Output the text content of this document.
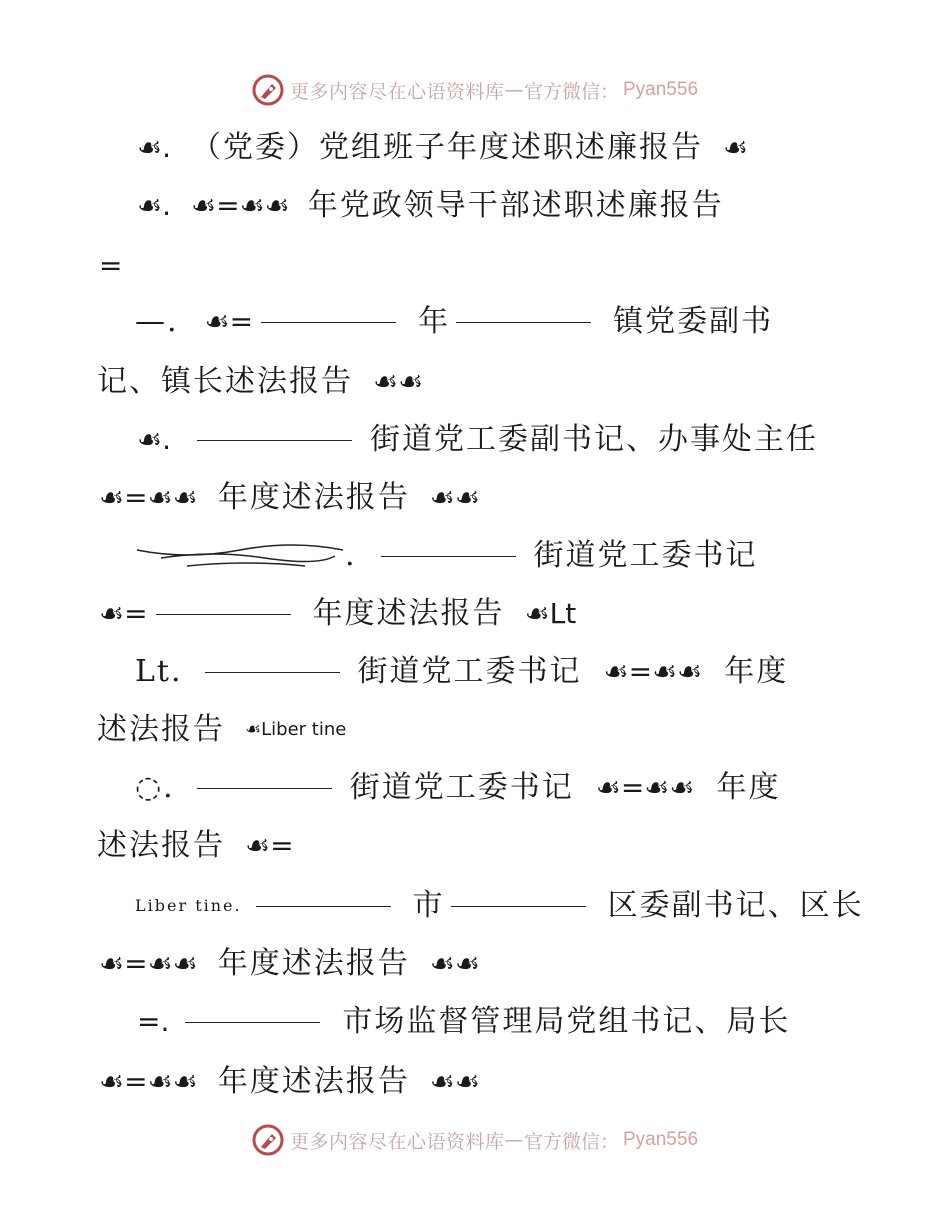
更多内容尽在心语资料库 — 官方微信： Pyan556
☙. （党委）党组班子年度述职述廉报告 ☙
☙. ☙=☙☙ 年党政领导干部述职述廉报告
=
—. ☙=	年	镇党委副书
记、镇长述法报告 ☙☙
☙.	街道党工委副书记、办事处主任
☙=☙☙ 年度述法报告 ☙☙
.	街道党工委书记
☙=	年度述法报告 ☙Lt
Lt.	街道党工委书记 ☙=☙☙ 年度
述法报告 ☙Liber tine
◌.	街道党工委书记 ☙=☙☙ 年度
述法报告 ☙=
Liber tine.	市	区委副书记、区长
☙=☙☙ 年度述法报告 ☙☙
=.	市场监督管理局党组书记、局长
☙=☙☙ 年度述法报告 ☙☙
更多内容尽在心语资料库 — 官方微信： Pyan556
